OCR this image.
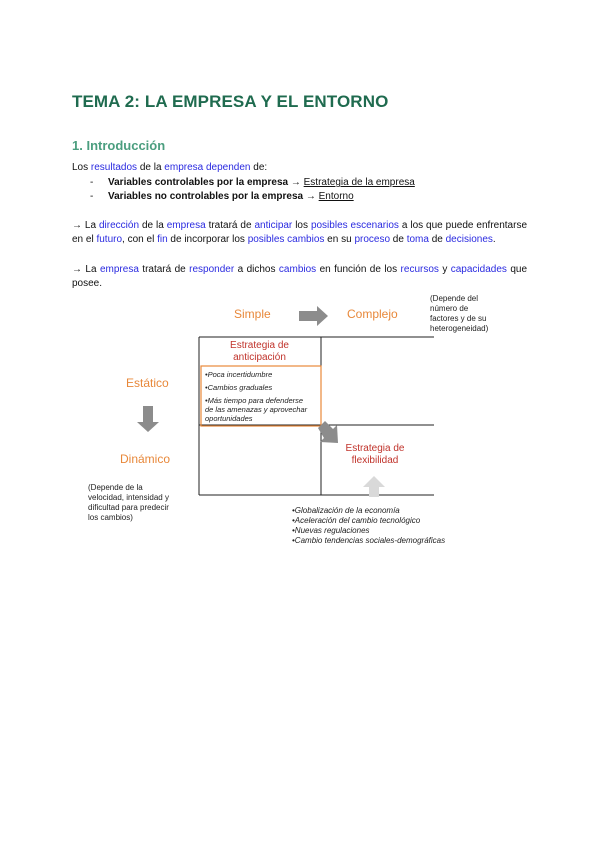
TEMA 2: LA EMPRESA Y EL ENTORNO
1. Introducción
Los resultados de la empresa dependen de:
-	Variables controlables por la empresa → Estrategia de la empresa
-	Variables no controlables por la empresa → Entorno
→ La dirección de la empresa tratará de anticipar los posibles escenarios a los que puede enfrentarse en el futuro, con el fin de incorporar los posibles cambios en su proceso de toma de decisiones.
→ La empresa tratará de responder a dichos cambios en función de los recursos y capacidades que posee.
Simple	Complejo
(Depende del
número de
factores y de su
heterogeneidad)
Estático
Dinámico
(Depende de la
velocidad, intensidad y
dificultad para predecir
los cambios)
Estrategia de
anticipación
•Poca incertidumbre
•Cambios graduales
•Más tiempo para defenderse
de las amenazas y aprovechar
oportunidades
Estrategia de
flexibilidad
•Globalización de la economía
•Aceleración del cambio tecnológico
•Nuevas regulaciones
•Cambio tendencias sociales-demográficas
